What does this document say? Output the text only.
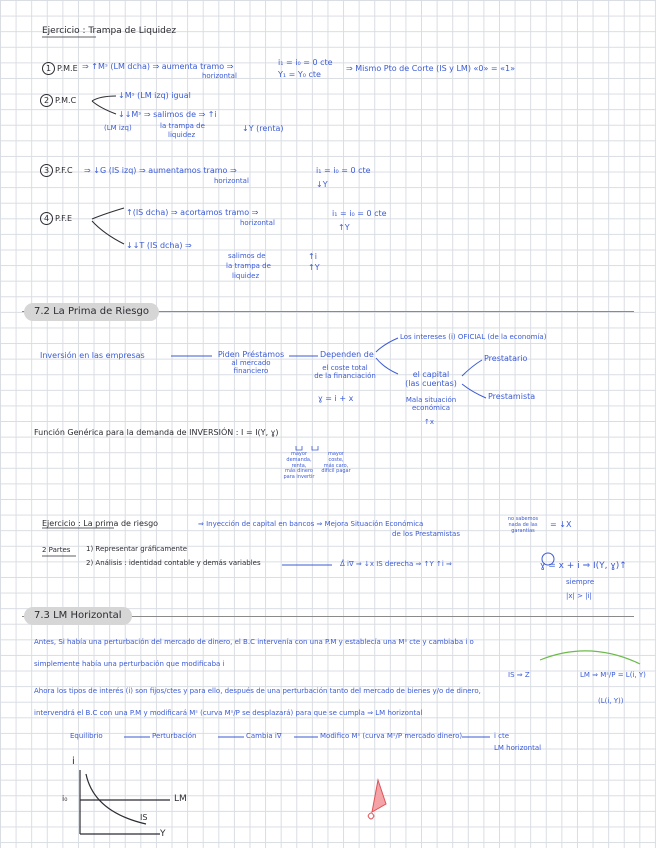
Ejercicio : Trampa de Liquidez
1 P.M.E ⇒ ↑Mˢ (LM dcha) ⇒ aumenta tramo ⇒
horizontal
i₁ = i₀ = 0 cte
Y₁ = Y₀ cte
⇒ Mismo Pto de Corte (IS y LM) «0» = «1»
2 P.M.C
↓Mˢ (LM izq) igual
↓↓Mˢ ⇒ salimos de ⇒ ↑i
(LM izq)	la trampa de
liquidez
↓Y (renta)
3 P.F.C ⇒ ↓G (IS izq) ⇒ aumentamos tramo ⇒
horizontal
i₁ = i₀ = 0 cte
↓Y
4 P.F.E
↑(IS dcha) ⇒ acortamos tramo ⇒
horizontal
i₁ = i₀ = 0 cte
↑Y
↓↓T (IS dcha) ⇒
salimos de
la trampa de
liquidez
↑i
↑Y
7.2 La Prima de Riesgo
Inversión en las empresas	Piden Préstamos
al mercado
financiero
Dependen de
el coste total
de la financiación
ɣ = i + x
Los intereses (i) OFICIAL (de la economía)
el capital
(las cuentas)
Mala situación
económica
↑x
Prestatario
Prestamista
Función Genérica para la demanda de INVERSIÓN : I = I(Y, ɣ)
mayor
demanda,
renta,
más dinero
para invertir
mayor
coste,
más caro,
difícil pagar
Ejercicio : La prima de riesgo	⇒ Inyección de capital en bancos ⇒ Mejora Situación Económica
de los Prestamistas
no sabemos
nada de las
garantías
= ↓X
2 Partes 1) Representar gráficamente
2) Análisis : identidad contable y demás variables	Δ̊ i∇ ⇒ ↓x IS derecha ⇒ ↑Y ↑i ⇒	ɣ = x + i ⇒ I(Y, ɣ)↑
siempre
|x| > |i|
7.3 LM Horizontal
Antes, Si había una perturbación del mercado de dinero, el B.C intervenía con una P.M y establecía una Mˢ cte y cambiaba i o
simplemente había una perturbación que modificaba i
Ahora los tipos de interés (i) son fijos/ctes y para ello, después de una perturbación tanto del mercado de bienes y/o de dinero,
intervendrá el B.C con una P.M y modificará Mˢ (curva Mˢ/P se desplazará) para que se cumpla ⇒ LM horizontal
IS ⇒ Z	LM ⇒ Mˢ/P = L(i, Y)
(L(i, Y))
Equilibrio	Perturbación	Cambia i∇	Modifico Mˢ (curva Mˢ/P mercado dinero)	i cte
LM horizontal
i
i₀	LM
IS
Y
